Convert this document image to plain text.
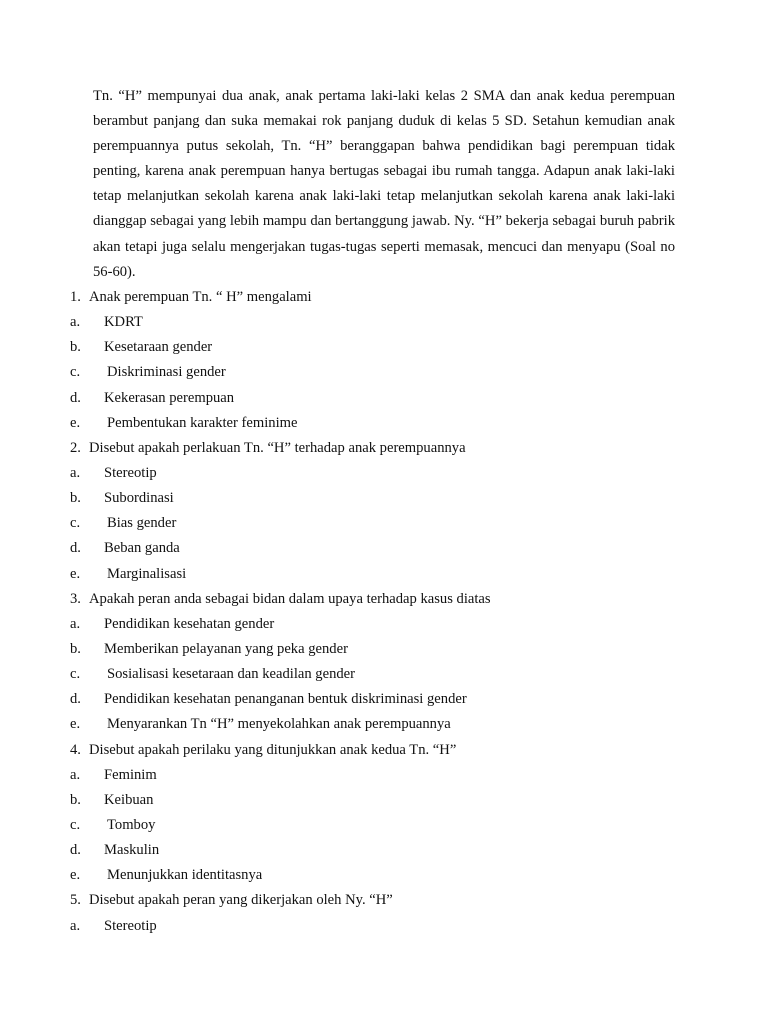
Tn. “H” mempunyai dua anak, anak pertama laki-laki kelas 2 SMA dan anak kedua perempuan berambut panjang dan suka memakai rok panjang duduk di kelas 5 SD. Setahun kemudian anak perempuannya putus sekolah, Tn. “H” beranggapan bahwa pendidikan bagi perempuan tidak penting, karena anak perempuan hanya bertugas sebagai ibu rumah tangga. Adapun anak laki-laki tetap melanjutkan sekolah karena anak laki-laki tetap melanjutkan sekolah karena anak laki-laki dianggap sebagai yang lebih mampu dan bertanggung jawab. Ny. “H” bekerja sebagai buruh pabrik akan tetapi juga selalu mengerjakan tugas-tugas seperti memasak, mencuci dan menyapu (Soal no 56-60).

1. Anak perempuan Tn. “ H” mengalami
a. KDRT
b. Kesetaraan gender
c. Diskriminasi gender
d. Kekerasan perempuan
e. Pembentukan karakter feminime
2. Disebut apakah perlakuan Tn. “H” terhadap anak perempuannya
a. Stereotip
b. Subordinasi
c. Bias gender
d. Beban ganda
e. Marginalisasi
3. Apakah peran anda sebagai bidan dalam upaya terhadap kasus diatas
a. Pendidikan kesehatan gender
b. Memberikan pelayanan yang peka gender
c. Sosialisasi kesetaraan dan keadilan gender
d. Pendidikan kesehatan penanganan bentuk diskriminasi gender
e. Menyarankan Tn “H” menyekolahkan anak perempuannya
4. Disebut apakah perilaku yang ditunjukkan anak kedua Tn. “H”
a. Feminim
b. Keibuan
c. Tomboy
d. Maskulin
e. Menunjukkan identitasnya
5. Disebut apakah peran yang dikerjakan oleh Ny. “H”
a. Stereotip
